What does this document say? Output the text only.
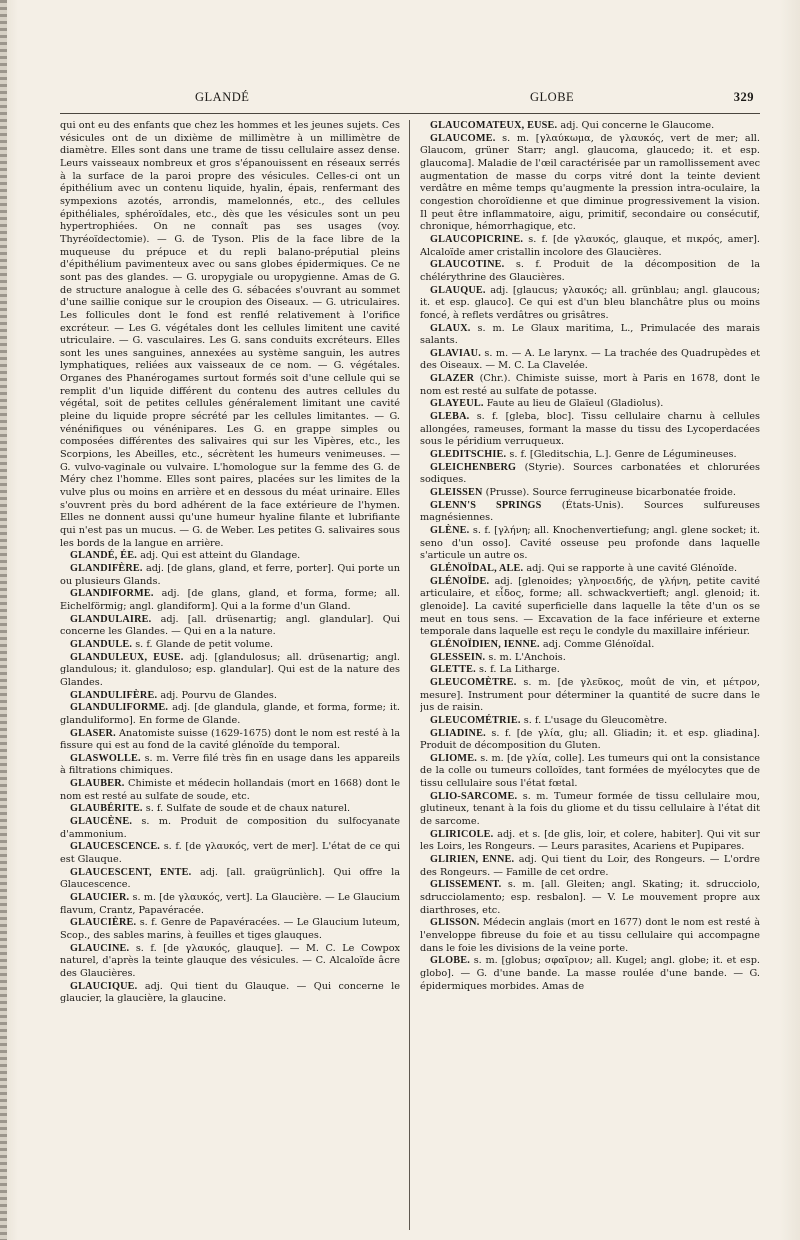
GLANDÉ	GLOBE	329

qui ont eu des enfants que chez les hommes et les jeunes sujets. Ces vésicules ont de un dixième de millimètre à un millimètre de diamètre. Elles sont dans une trame de tissu cellulaire assez dense. Leurs vaisseaux nombreux et gros s'épanouissent en réseaux serrés à la surface de la paroi propre des vésicules. Celles-ci ont un épithélium avec un contenu liquide, hyalin, épais, renfermant des sympexions azotés, arrondis, mamelonnés, etc., des cellules épithéliales, sphéroïdales, etc., dès que les vésicules sont un peu hypertrophiées. On ne connaît pas ses usages (voy. Thyréoïdectomie). — G. de Tyson. Plis de la face libre de la muqueuse du prépuce et du repli balano-préputial pleins d'épithélium pavimenteux avec ou sans globes épidermiques. Ce ne sont pas des glandes. — G. uropygiale ou uropygienne. Amas de G. de structure analogue à celle des G. sébacées s'ouvrant au sommet d'une saillie conique sur le croupion des Oiseaux. — G. utriculaires. Les follicules dont le fond est renflé relativement à l'orifice excréteur. — Les G. végétales dont les cellules limitent une cavité utriculaire. — G. vasculaires. Les G. sans conduits excréteurs. Elles sont les unes sanguines, annexées au système sanguin, les autres lymphatiques, reliées aux vaisseaux de ce nom. — G. végétales. Organes des Phanérogames surtout formés soit d'une cellule qui se remplit d'un liquide différent du contenu des autres cellules du végétal, soit de petites cellules généralement limitant une cavité pleine du liquide propre sécrété par les cellules limitantes. — G. vénénifiques ou vénénipares. Les G. en grappe simples ou composées différentes des salivaires qui sur les Vipères, etc., les Scorpions, les Abeilles, etc., sécrètent les humeurs venimeuses. — G. vulvo-vaginale ou vulvaire. L'homologue sur la femme des G. de Méry chez l'homme. Elles sont paires, placées sur les limites de la vulve plus ou moins en arrière et en dessous du méat urinaire. Elles s'ouvrent près du bord adhérent de la face extérieure de l'hymen. Elles ne donnent aussi qu'une humeur hyaline filante et lubrifiante qui n'est pas un mucus. — G. de Weber. Les petites G. salivaires sous les bords de la langue en arrière.

GLANDÉ, ÉE. adj. Qui est atteint du Glandage.

GLANDIFÈRE. adj. [de glans, gland, et ferre, porter]. Qui porte un ou plusieurs Glands.

GLANDIFORME. adj. [de glans, gland, et forma, forme; all. Eichelförmig; angl. glandiform]. Qui a la forme d'un Gland.

GLANDULAIRE. adj. [all. drüsenartig; angl. glandular]. Qui concerne les Glandes. — Qui en a la nature.

GLANDULE. s. f. Glande de petit volume.

GLANDULEUX, EUSE. adj. [glandulosus; all. drüsenartig; angl. glandulous; it. glanduloso; esp. glandular]. Qui est de la nature des Glandes.

GLANDULIFÈRE. adj. Pourvu de Glandes.

GLANDULIFORME. adj. [de glandula, glande, et forma, forme; it. glanduliformo]. En forme de Glande.

GLASER. Anatomiste suisse (1629-1675) dont le nom est resté à la fissure qui est au fond de la cavité glénoïde du temporal.

GLASWOLLE. s. m. Verre filé très fin en usage dans les appareils à filtrations chimiques.

GLAUBER. Chimiste et médecin hollandais (mort en 1668) dont le nom est resté au sulfate de soude, etc.

GLAUBÉRITE. s. f. Sulfate de soude et de chaux naturel.

GLAUCÈNE. s. m. Produit de composition du sulfocyanate d'ammonium.

GLAUCESCENCE. s. f. [de γλαυκός, vert de mer]. L'état de ce qui est Glauque.

GLAUCESCENT, ENTE. adj. [all. graügrünlich]. Qui offre la Glaucescence.

GLAUCIER. s. m. [de γλαυκός, vert]. La Glaucière. — Le Glaucium flavum, Crantz, Papavéracée.

GLAUCIÈRE. s. f. Genre de Papavéracées. — Le Glaucium luteum, Scop., des sables marins, à feuilles et tiges glauques.

GLAUCINE. s. f. [de γλαυκός, glauque]. — M. C. Le Cowpox naturel, d'après la teinte glauque des vésicules. — C. Alcaloïde âcre des Glaucières.

GLAUCIQUE. adj. Qui tient du Glauque. — Qui concerne le glaucier, la glaucière, la glaucine.

GLAUCOMATEUX, EUSE. adj. Qui concerne le Glaucome.

GLAUCOME. s. m. [γλαύκωμα, de γλαυκός, vert de mer; all. Glaucom, grüner Starr; angl. glaucoma, glaucedo; it. et esp. glaucoma]. Maladie de l'œil caractérisée par un ramollissement avec augmentation de masse du corps vitré dont la teinte devient verdâtre en même temps qu'augmente la pression intra-oculaire, la congestion choroïdienne et que diminue progressivement la vision. Il peut être inflammatoire, aigu, primitif, secondaire ou consécutif, chronique, hémorrhagique, etc.

GLAUCOPICRINE. s. f. [de γλαυκός, glauque, et πικρός, amer]. Alcaloïde amer cristallin incolore des Glaucières.

GLAUCOTINE. s. f. Produit de la décomposition de la chélérythrine des Glaucières.

GLAUQUE. adj. [glaucus; γλαυκός; all. grünblau; angl. glaucous; it. et esp. glauco]. Ce qui est d'un bleu blanchâtre plus ou moins foncé, à reflets verdâtres ou grisâtres.

GLAUX. s. m. Le Glaux maritima, L., Primulacée des marais salants.

GLAVIAU. s. m. — A. Le larynx. — La trachée des Quadrupèdes et des Oiseaux. — M. C. La Clavelée.

GLAZER (Chr.). Chimiste suisse, mort à Paris en 1678, dont le nom est resté au sulfate de potasse.

GLAYEUL. Faute au lieu de Glaïeul (Gladiolus).

GLEBA. s. f. [gleba, bloc]. Tissu cellulaire charnu à cellules allongées, rameuses, formant la masse du tissu des Lycoperdacées sous le péridium verruqueux.

GLEDITSCHIE. s. f. [Gleditschia, L.]. Genre de Légumineuses.

GLEICHENBERG (Styrie). Sources carbonatées et chlorurées sodiques.

GLEISSEN (Prusse). Source ferrugineuse bicarbonatée froide.

GLENN'S SPRINGS (États-Unis). Sources sulfureuses magnésiennes.

GLÈNE. s. f. [γλήνη; all. Knochenvertiefung; angl. glene socket; it. seno d'un osso]. Cavité osseuse peu profonde dans laquelle s'articule un autre os.

GLÉNOÏDAL, ALE. adj. Qui se rapporte à une cavité Glénoïde.

GLÉNOÏDE. adj. [glenoides; γληνοειδής, de γλήνη, petite cavité articulaire, et εἶδος, forme; all. schwackvertieft; angl. glenoid; it. glenoide]. La cavité superficielle dans laquelle la tête d'un os se meut en tous sens. — Excavation de la face inférieure et externe temporale dans laquelle est reçu le condyle du maxillaire inférieur.

GLÉNOÏDIEN, IENNE. adj. Comme Glénoïdal.

GLESSEIN. s. m. L'Anchois.

GLETTE. s. f. La Litharge.

GLEUCOMÈTRE. s. m. [de γλεῦκος, moût de vin, et μέτρον, mesure]. Instrument pour déterminer la quantité de sucre dans le jus de raisin.

GLEUCOMÉTRIE. s. f. L'usage du Gleucomètre.

GLIADINE. s. f. [de γλία, glu; all. Gliadin; it. et esp. gliadina]. Produit de décomposition du Gluten.

GLIOME. s. m. [de γλία, colle]. Les tumeurs qui ont la consistance de la colle ou tumeurs colloïdes, tant formées de myélocytes que de tissu cellulaire sous l'état fœtal.

GLIO-SARCOME. s. m. Tumeur formée de tissu cellulaire mou, glutineux, tenant à la fois du gliome et du tissu cellulaire à l'état dit de sarcome.

GLIRICOLE. adj. et s. [de glis, loir, et colere, habiter]. Qui vit sur les Loirs, les Rongeurs. — Leurs parasites, Acariens et Pupipares.

GLIRIEN, ENNE. adj. Qui tient du Loir, des Rongeurs. — L'ordre des Rongeurs. — Famille de cet ordre.

GLISSEMENT. s. m. [all. Gleiten; angl. Skating; it. sdrucciolo, sdrucciolamento; esp. resbalon]. — V. Le mouvement propre aux diarthroses, etc.

GLISSON. Médecin anglais (mort en 1677) dont le nom est resté à l'enveloppe fibreuse du foie et au tissu cellulaire qui accompagne dans le foie les divisions de la veine porte.

GLOBE. s. m. [globus; σφαῖριον; all. Kugel; angl. globe; it. et esp. globo]. — G. d'une bande. La masse roulée d'une bande. — G. épidermiques morbides. Amas de
